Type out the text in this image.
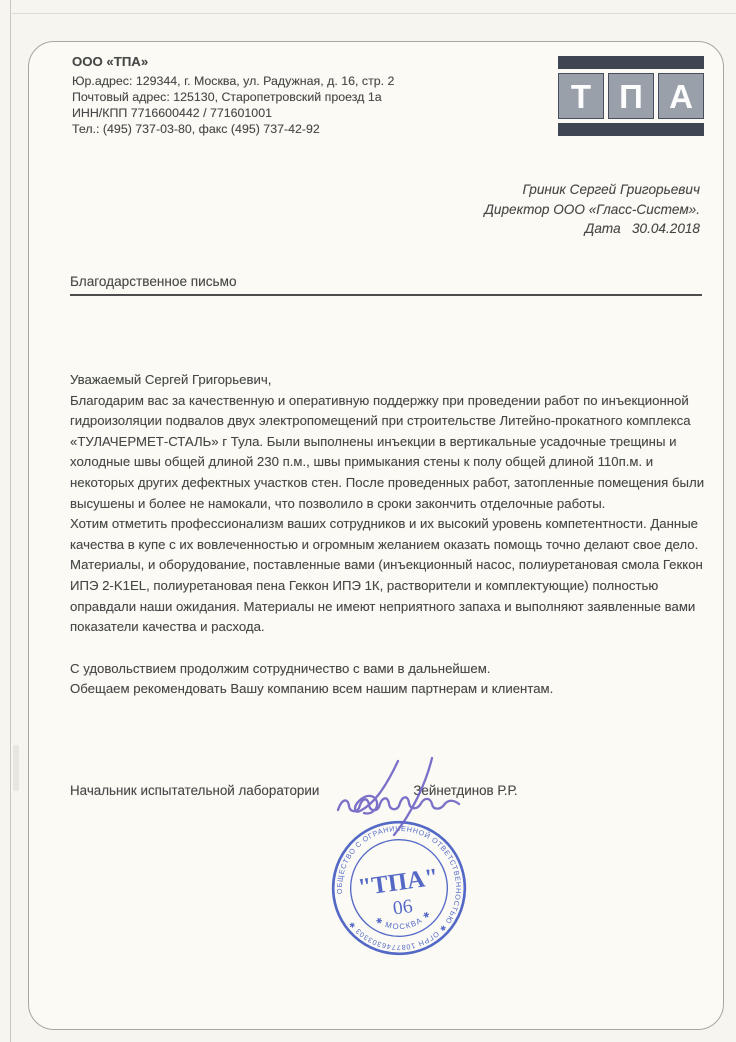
ООО «ТПА»
Юр.адрес: 129344, г. Москва, ул. Радужная, д. 16, стр. 2
Почтовый адрес: 125130, Старопетровский проезд 1а
ИНН/КПП 7716600442 / 771601001
Тел.: (495) 737-03-80, факс (495) 737-42-92
Т П А
Гриник Сергей Григорьевич
Директор ООО «Гласс-Систем».
Дата   30.04.2018
Благодарственное письмо

Уважаемый Сергей Григорьевич,

Благодарим вас за качественную и оперативную поддержку при проведении работ по инъекционной гидроизоляции подвалов двух электропомещений при строительстве Литейно-прокатного комплекса «ТУЛАЧЕРМЕТ-СТАЛЬ» г Тула. Были выполнены инъекции в вертикальные усадочные трещины и холодные швы общей длиной 230 п.м., швы примыкания стены к полу общей длиной 110п.м. и некоторых других дефектных участков стен. После проведенных работ, затопленные помещения были высушены и более не намокали, что позволило в сроки закончить отделочные работы.

Хотим отметить профессионализм ваших сотрудников и их высокий уровень компетентности. Данные качества в купе с их вовлеченностью и огромным желанием оказать помощь точно делают свое дело.

Материалы, и оборудование, поставленные вами (инъекционный насос, полиуретановая смола Геккон ИПЭ 2-K1EL, полиуретановая пена Геккон ИПЭ 1К, растворители и комплектующие) полностью оправдали наши ожидания. Материалы не имеют неприятного запаха и выполняют заявленные вами показатели качества и расхода.

С удовольствием продолжим сотрудничество с вами в дальнейшем.

Обещаем рекомендовать Вашу компанию всем нашим партнерам и клиентам.

Начальник испытательной лаборатории	Зейнетдинов Р.Р.
ОБЩЕСТВО С ОГРАНИЧЕННОЙ ОТВЕТСТВЕННОСТЬЮ ✱ ОГРН 1087746303303 ✱	✱ МОСКВА ✱
"ТПА"
06
